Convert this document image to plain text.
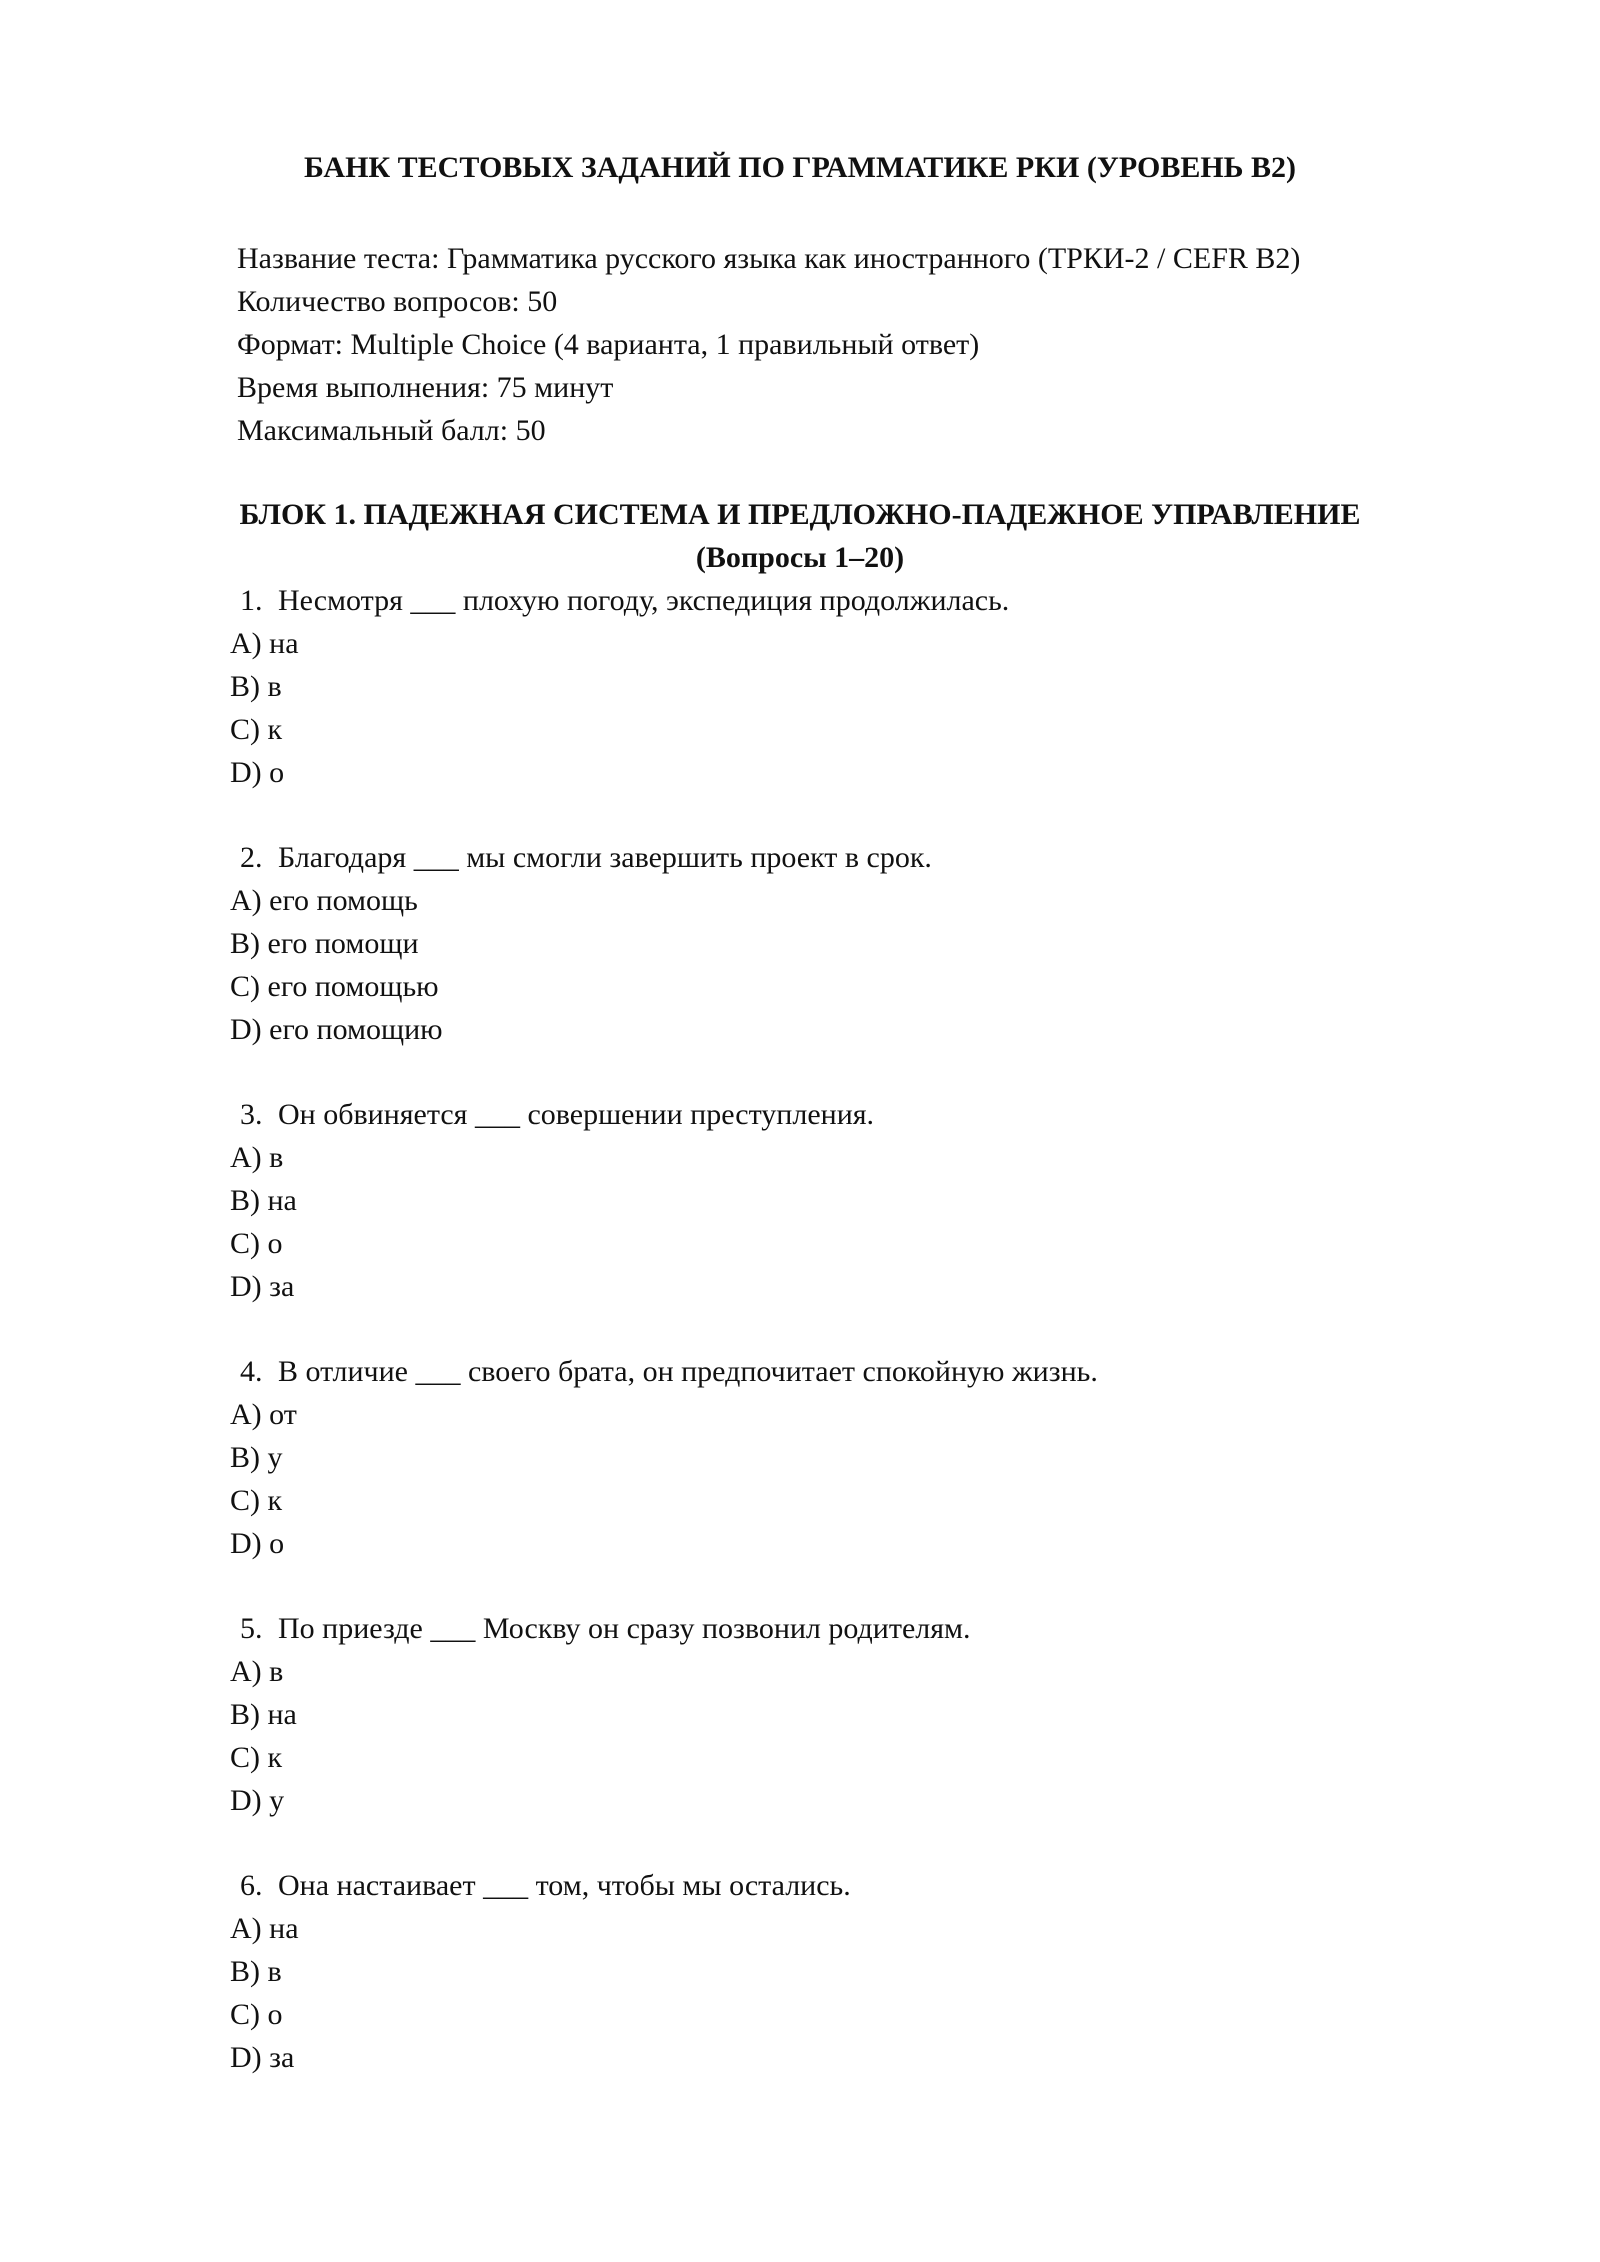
БАНК ТЕСТОВЫХ ЗАДАНИЙ ПО ГРАММАТИКЕ РКИ (УРОВЕНЬ B2)
Название теста: Грамматика русского языка как иностранного (ТРКИ-2 / CEFR B2)
Количество вопросов: 50
Формат: Multiple Choice (4 варианта, 1 правильный ответ)
Время выполнения: 75 минут
Максимальный балл: 50
БЛОК 1. ПАДЕЖНАЯ СИСТЕМА И ПРЕДЛОЖНО-ПАДЕЖНОЕ УПРАВЛЕНИЕ
(Вопросы 1–20)
1. Несмотря ___ плохую погоду, экспедиция продолжилась.
A) на
B) в
C) к
D) о
2. Благодаря ___ мы смогли завершить проект в срок.
A) его помощь
B) его помощи
C) его помощью
D) его помощию
3. Он обвиняется ___ совершении преступления.
A) в
B) на
C) о
D) за
4. В отличие ___ своего брата, он предпочитает спокойную жизнь.
A) от
B) у
C) к
D) о
5. По приезде ___ Москву он сразу позвонил родителям.
A) в
B) на
C) к
D) у
6. Она настаивает ___ том, чтобы мы остались.
A) на
B) в
C) о
D) за
